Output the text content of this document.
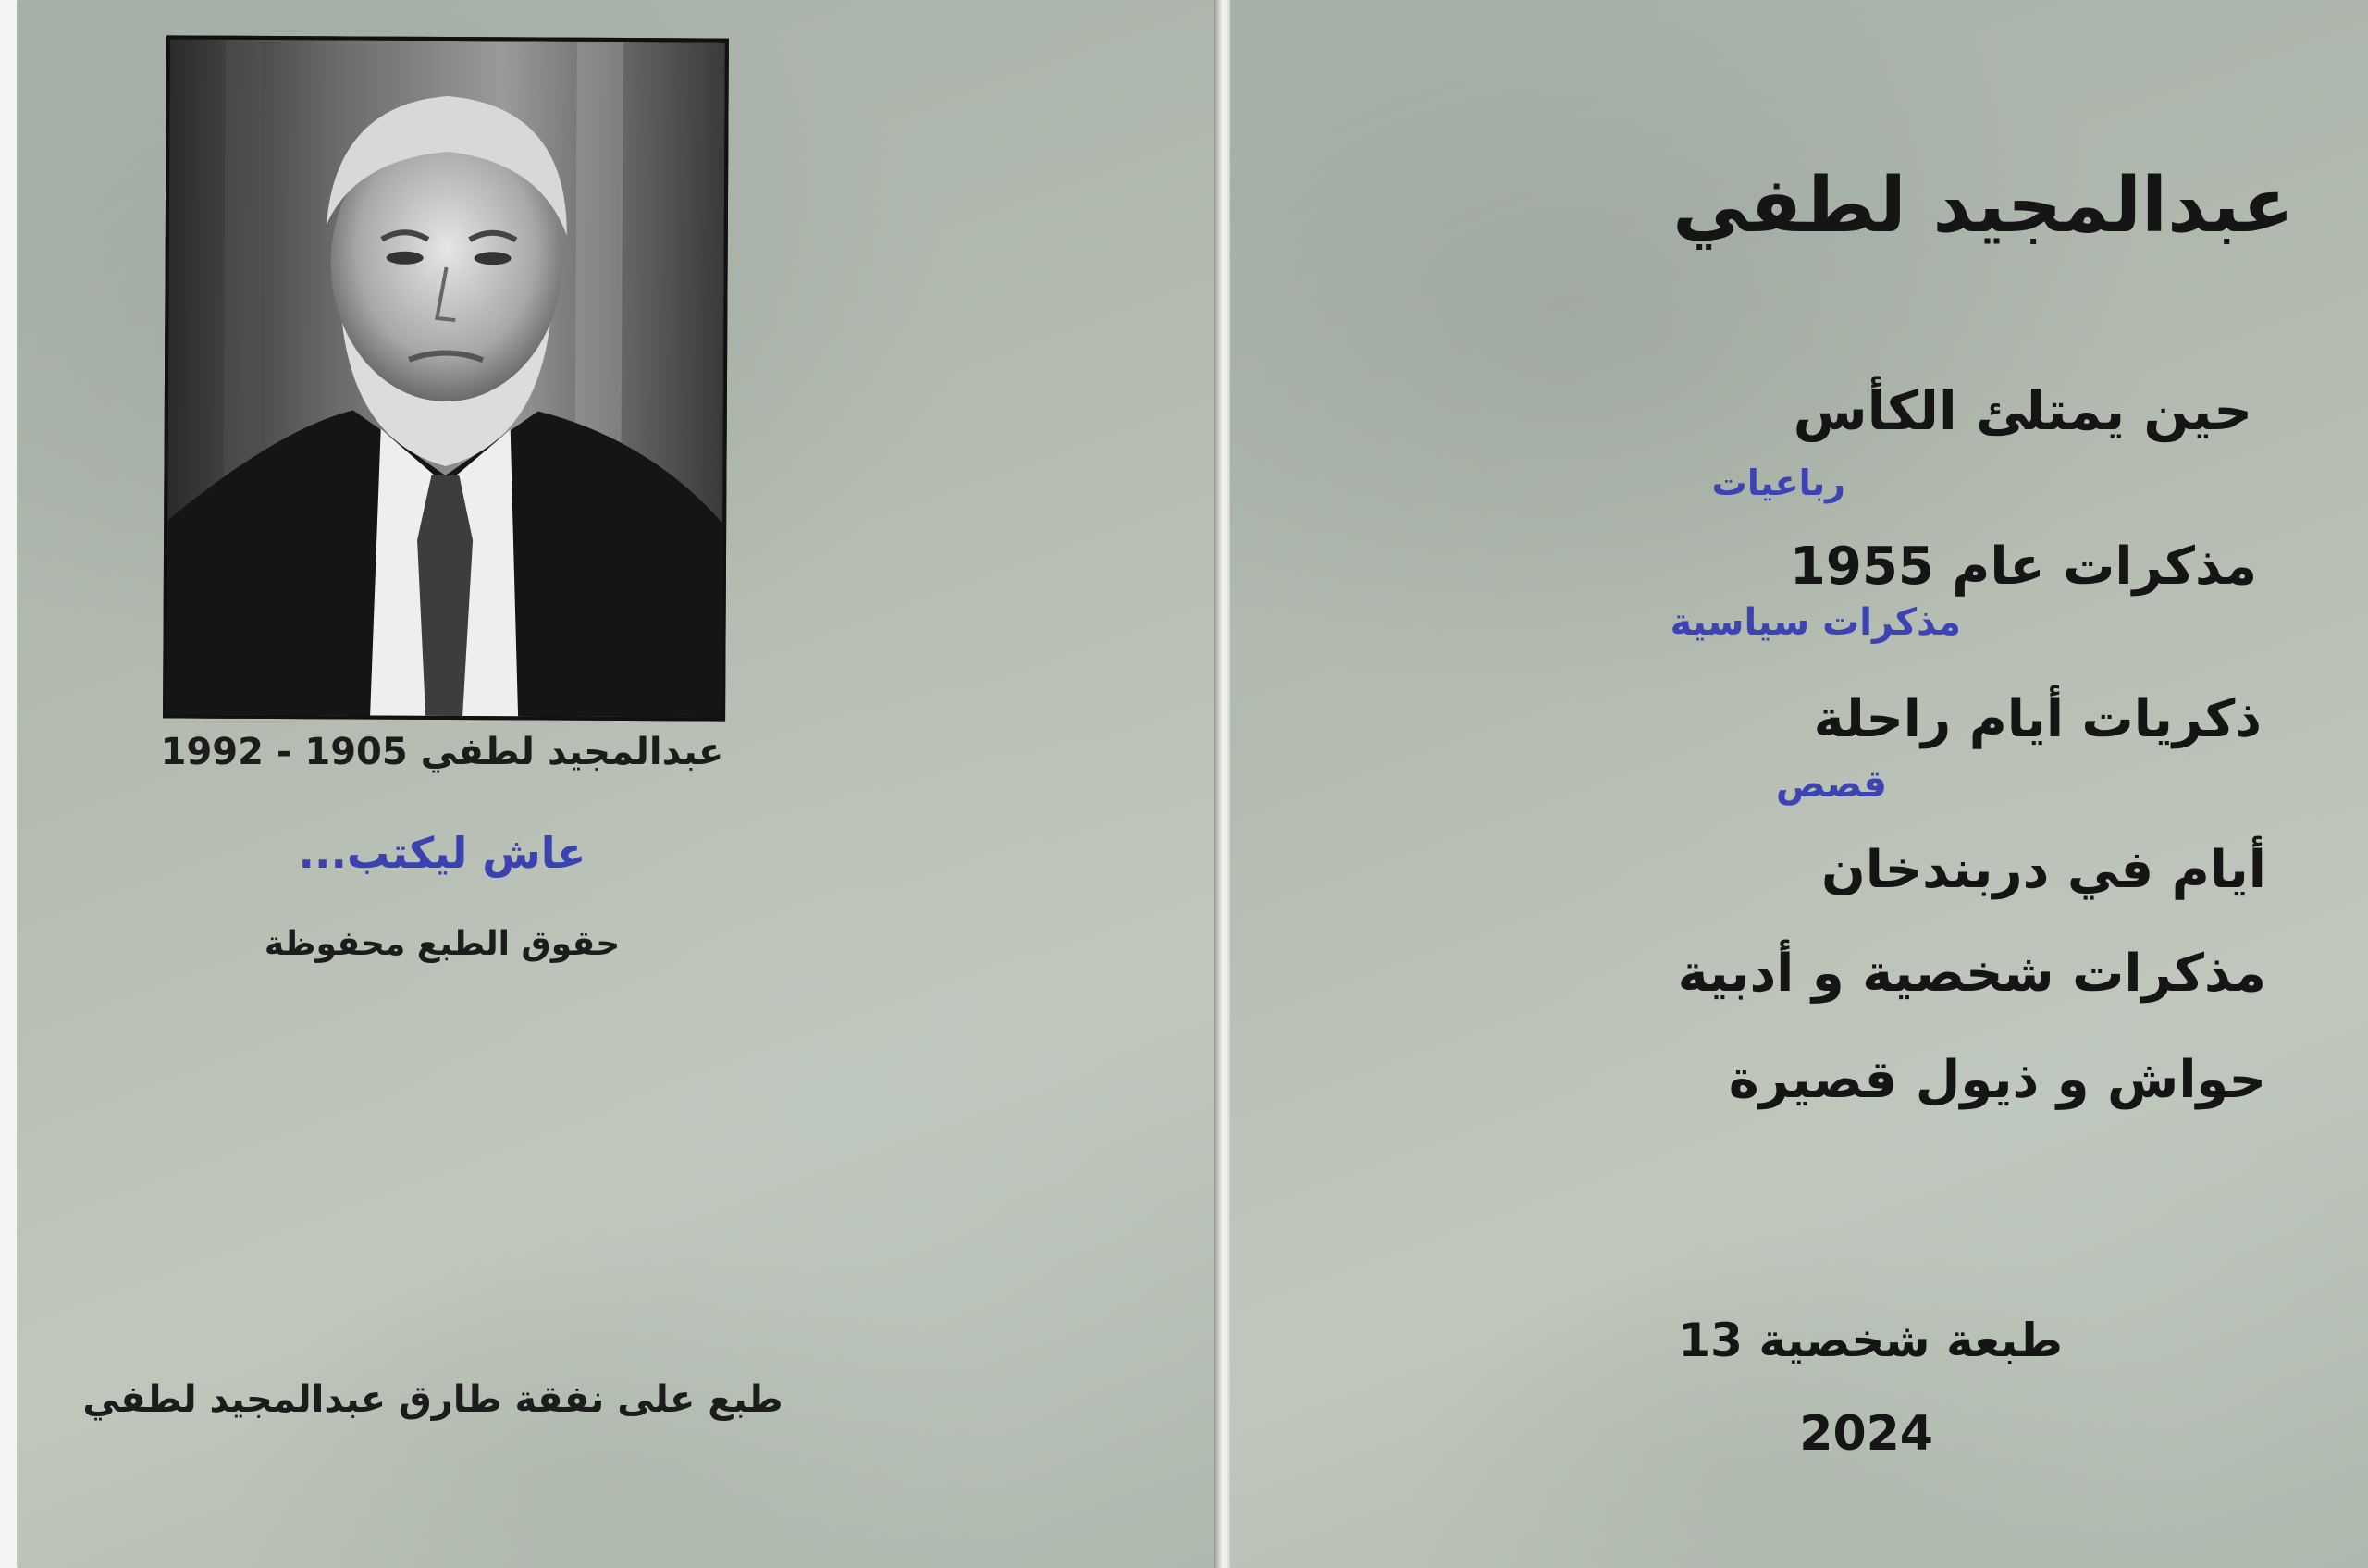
عبدالمجيد لطفي 1905 - 1992
عاش ليكتب...
حقوق الطبع محفوظة
طبع على نفقة طارق عبدالمجيد لطفي
عبدالمجيد لطفي
حين يمتلئ الكأس
رباعيات
مذكرات عام 1955
مذكرات سياسية
ذكريات أيام راحلة
قصص
أيام في دربندخان
مذكرات شخصية و أدبية
حواش و ذيول قصيرة
طبعة شخصية 13
2024
